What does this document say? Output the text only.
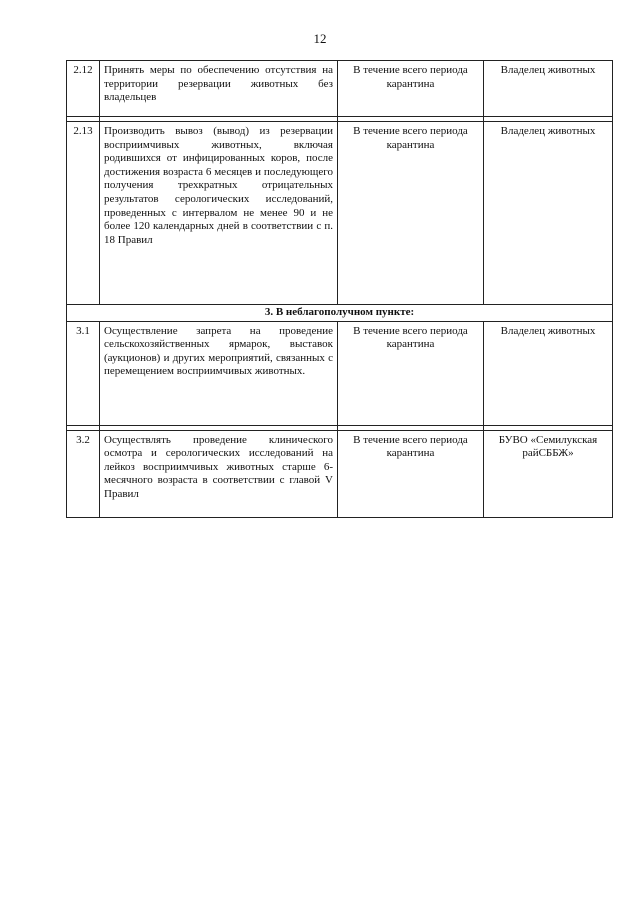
12
2.12	Принять меры по обеспечению отсутствия на территории резервации животных без владельцев	В течение всего периода карантина	Владелец животных

2.13	Производить вывоз (вывод) из резервации восприимчивых животных, включая родившихся от инфицированных коров, после достижения возраста 6 месяцев и последующего получения трехкратных отрицательных результатов серологических исследований, проведенных с интервалом не менее 90 и не более 120 календарных дней в соответствии с п. 18 Правил	В течение всего периода карантина	Владелец животных
3. В неблагополучном пункте:			
3.1	Осуществление запрета на проведение сельскохозяйственных ярмарок, выставок (аукционов) и других мероприятий, связанных с перемещением восприимчивых животных.	В течение всего периода карантина	Владелец животных

3.2	Осуществлять проведение клинического осмотра и серологических исследований на лейкоз восприимчивых животных старше 6-месячного возраста в соответствии с главой V Правил	В течение всего периода карантина	БУВО «Семилукская райСББЖ»
